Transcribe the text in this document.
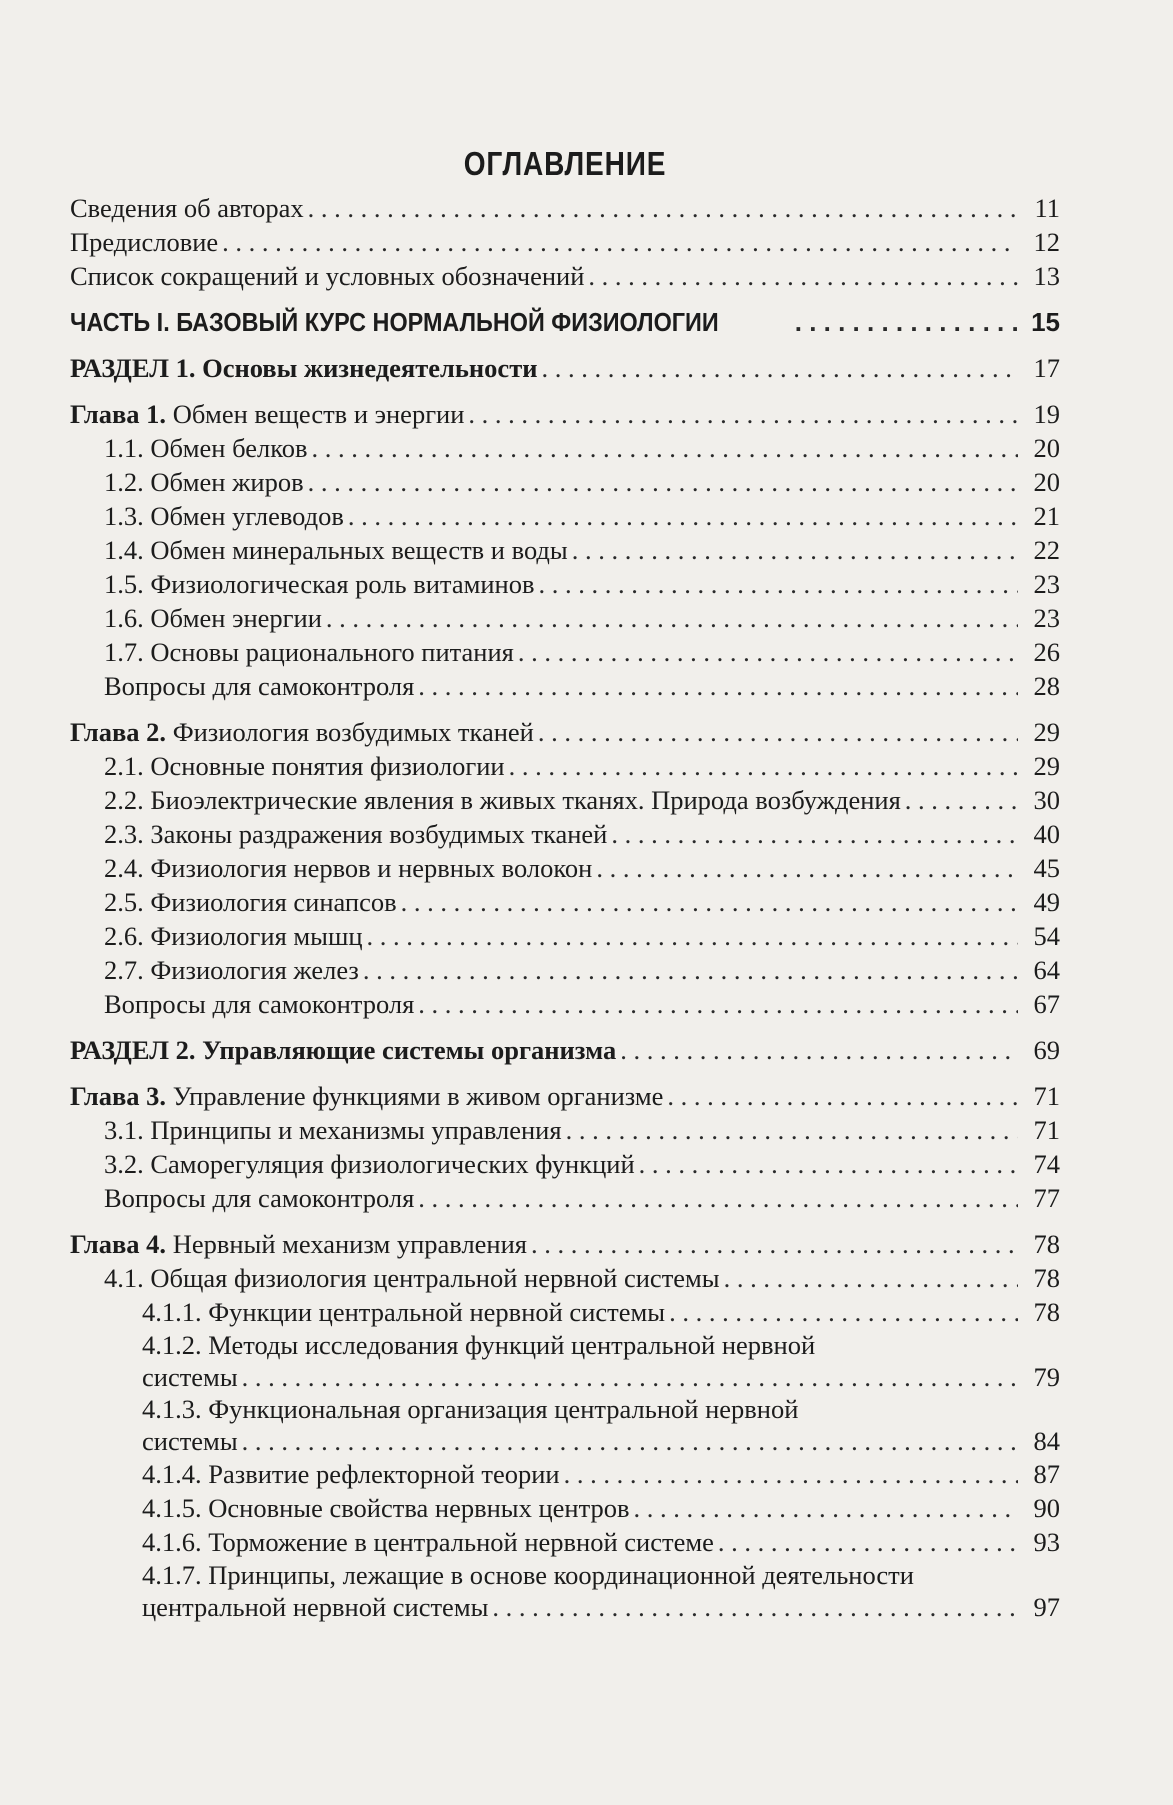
ОГЛАВЛЕНИЕ
Сведения об авторах . . .	11
Предисловие . . .	12
Список сокращений и условных обозначений . . .	13
ЧАСТЬ I. БАЗОВЫЙ КУРС НОРМАЛЬНОЙ ФИЗИОЛОГИИ . . .	15
РАЗДЕЛ 1. Основы жизнедеятельности . . .	17
Глава 1. Обмен веществ и энергии . . .	19
1.1. Обмен белков . . .	20
1.2. Обмен жиров . . .	20
1.3. Обмен углеводов . . .	21
1.4. Обмен минеральных веществ и воды . . .	22
1.5. Физиологическая роль витаминов . . .	23
1.6. Обмен энергии . . .	23
1.7. Основы рационального питания . . .	26
Вопросы для самоконтроля . . .	28
Глава 2. Физиология возбудимых тканей . . .	29
2.1. Основные понятия физиологии . . .	29
2.2. Биоэлектрические явления в живых тканях. Природа возбуждения . . .	30
2.3. Законы раздражения возбудимых тканей . . .	40
2.4. Физиология нервов и нервных волокон . . .	45
2.5. Физиология синапсов . . .	49
2.6. Физиология мышц . . .	54
2.7. Физиология желез . . .	64
Вопросы для самоконтроля . . .	67
РАЗДЕЛ 2. Управляющие системы организма . . .	69
Глава 3. Управление функциями в живом организме . . .	71
3.1. Принципы и механизмы управления . . .	71
3.2. Саморегуляция физиологических функций . . .	74
Вопросы для самоконтроля . . .	77
Глава 4. Нервный механизм управления . . .	78
4.1. Общая физиология центральной нервной системы . . .	78
4.1.1. Функции центральной нервной системы . . .	78
4.1.2. Методы исследования функций центральной нервной
системы . . .	79
4.1.3. Функциональная организация центральной нервной
системы . . .	84
4.1.4. Развитие рефлекторной теории . . .	87
4.1.5. Основные свойства нервных центров . . .	90
4.1.6. Торможение в центральной нервной системе . . .	93
4.1.7. Принципы, лежащие в основе координационной деятельности
центральной нервной системы . . .	97
